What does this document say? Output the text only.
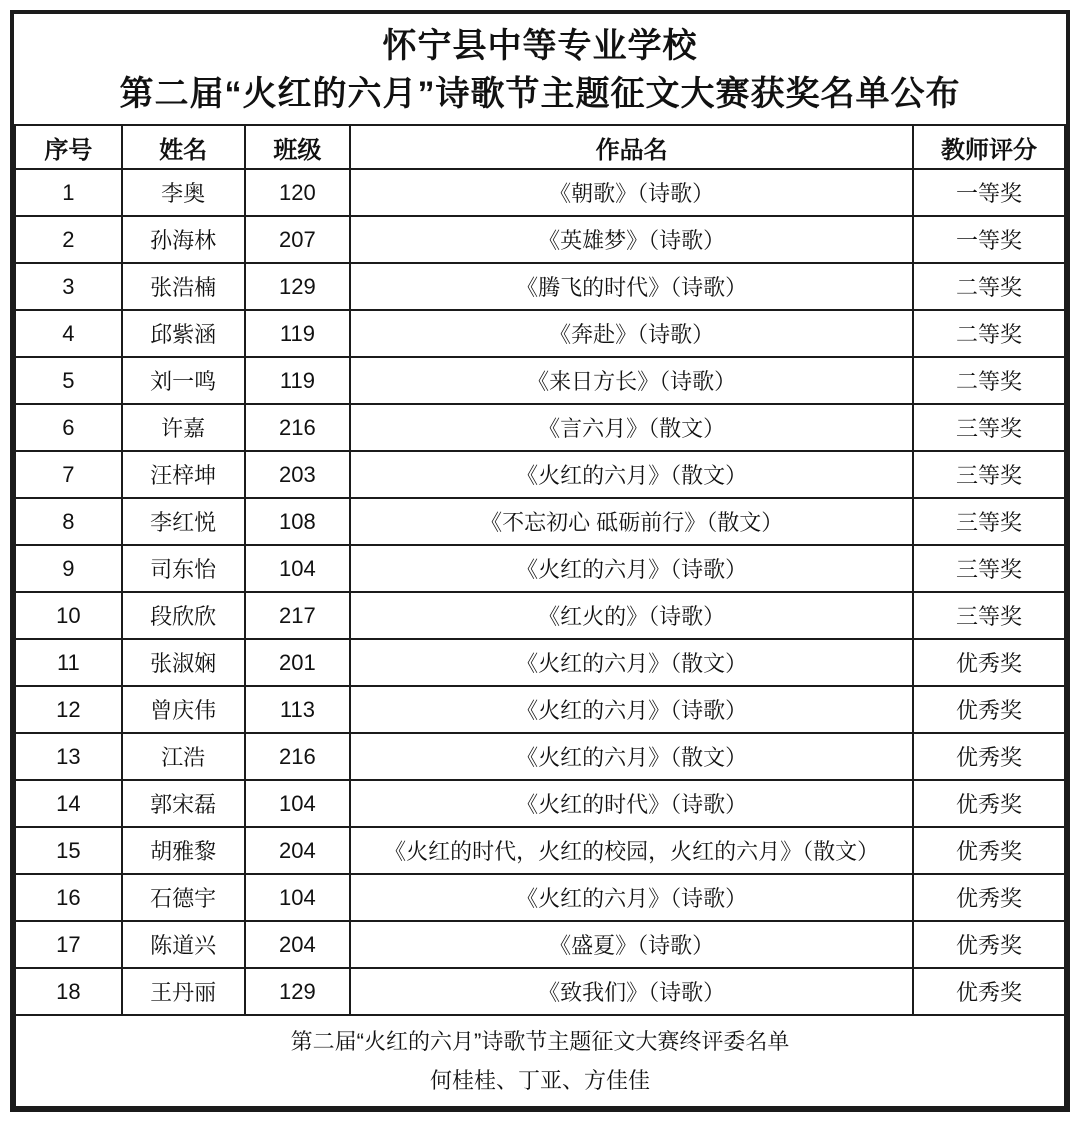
怀宁县中等专业学校
第二届“火红的六月”诗歌节主题征文大赛获奖名单公布
序号	姓名	班级	作品名	教师评分
1	李奥	120	《朝歌》（诗歌）	一等奖
2	孙海林	207	《英雄梦》（诗歌）	一等奖
3	张浩楠	129	《腾飞的时代》（诗歌）	二等奖
4	邱紫涵	119	《奔赴》（诗歌）	二等奖
5	刘一鸣	119	《来日方长》（诗歌）	二等奖
6	许嘉	216	《言六月》（散文）	三等奖
7	汪梓坤	203	《火红的六月》（散文）	三等奖
8	李红悦	108	《不忘初心 砥砺前行》（散文）	三等奖
9	司东怡	104	《火红的六月》（诗歌）	三等奖
10	段欣欣	217	《红火的》（诗歌）	三等奖
11	张淑娴	201	《火红的六月》（散文）	优秀奖
12	曾庆伟	113	《火红的六月》（诗歌）	优秀奖
13	江浩	216	《火红的六月》（散文）	优秀奖
14	郭宋磊	104	《火红的时代》（诗歌）	优秀奖
15	胡雅黎	204	《火红的时代，火红的校园，火红的六月》（散文）	优秀奖
16	石德宇	104	《火红的六月》（诗歌）	优秀奖
17	陈道兴	204	《盛夏》（诗歌）	优秀奖
18	王丹丽	129	《致我们》（诗歌）	优秀奖

第二届“火红的六月”诗歌节主题征文大赛终评委名单
何桂桂、丁亚、方佳佳				
